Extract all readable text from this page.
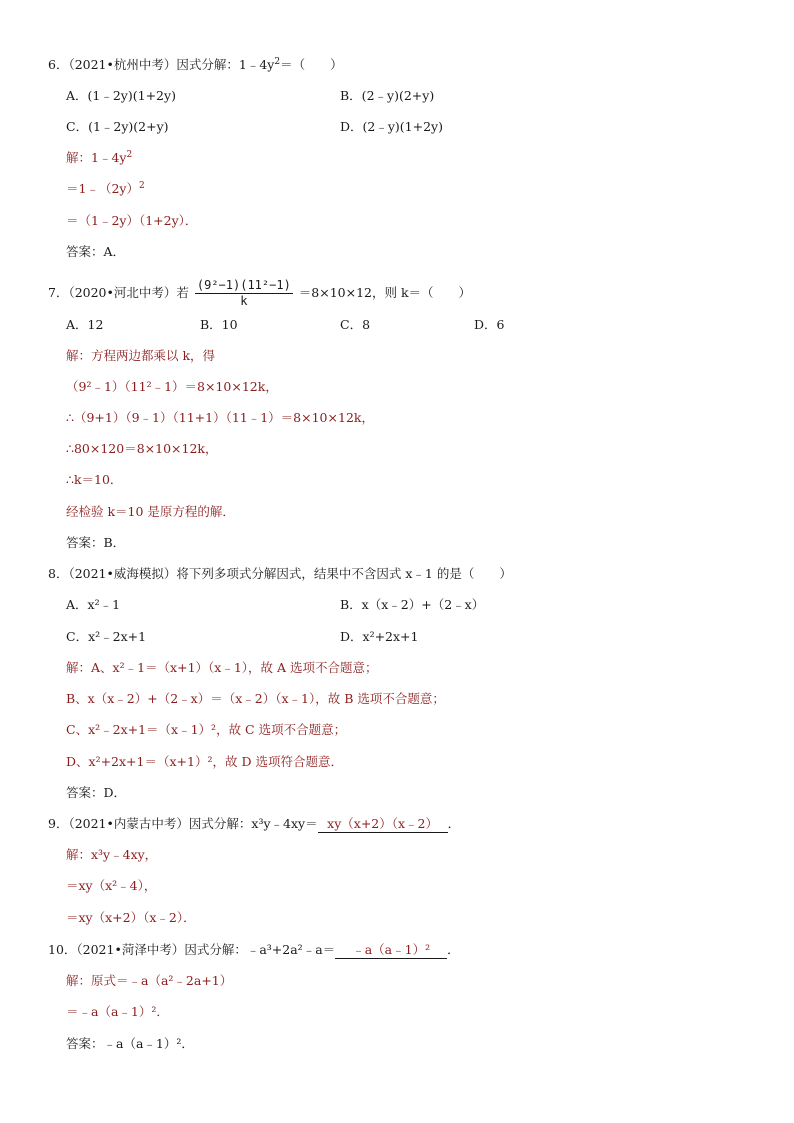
6．（2021•杭州中考）因式分解：$1﹣4y^2=$（　　）
A．(1﹣2y)(1+2y)	B．(2﹣y)(2+y)
C．(1﹣2y)(2+y)	D．(2﹣y)(1+2y)
解：$1﹣4y^2$
$=1﹣(2y)^2$
＝（1﹣2y）（1+2y）．
答案：A．
7．（2020•河北中考）若 $\frac{\text{(9²−1)(11²−1)}}{k} =8\times 10\times 12$，则 k＝（　　）
A．12	B．10	C．8	D．6
解：方程两边都乘以 k，得
（9²﹣1）（11²﹣1）＝8×10×12k，
∴（9+1）（9﹣1）（11+1）（11﹣1）＝8×10×12k，
∴80×120＝8×10×12k，
∴k＝10．
经检验 k＝10 是原方程的解．
答案：B．
8．（2021•威海模拟）将下列多项式分解因式，结果中不含因式 x﹣1 的是（　　）
A．x²﹣1	B．x（x﹣2）+（2﹣x）
C．x²﹣2x+1	D．x²+2x+1
解：A、x²﹣1＝（x+1）（x﹣1），故 A 选项不合题意；
B、x（x﹣2）+（2﹣x）＝（x﹣2）（x﹣1），故 B 选项不合题意；
C、x²﹣2x+1＝（x﹣1）²，故 C 选项不合题意；
D、x²+2x+1＝（x+1）²，故 D 选项符合题意．
答案：D．
9．（2021•内蒙古中考）因式分解：x³y﹣4xy＝ xy（x+2）（x﹣2） ．
解：x³y﹣4xy，
＝xy（x²﹣4），
＝xy（x+2）（x﹣2）．
10．（2021•菏泽中考）因式分解：﹣a³+2a²﹣a＝ ﹣a（a﹣1）² ．
解：原式＝﹣a（a²﹣2a+1）
＝﹣a（a﹣1）²．
答案：﹣a（a﹣1）²．
